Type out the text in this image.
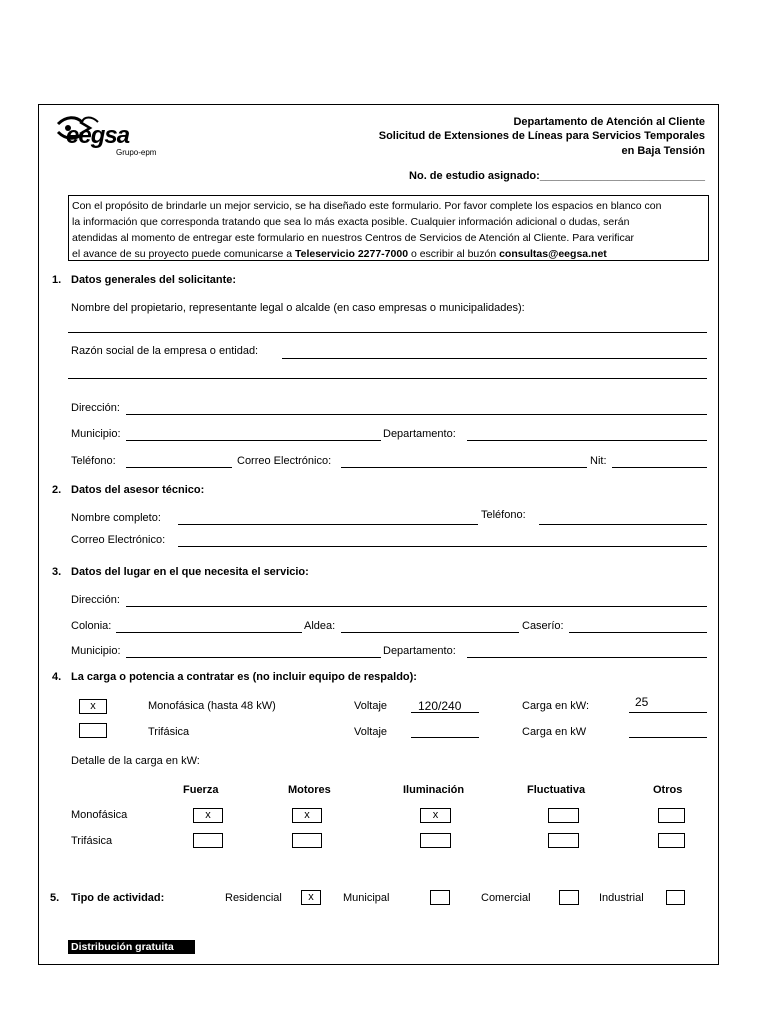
eegsa
Grupo-epm
Departamento de Atención al Cliente
Solicitud de Extensiones de Líneas para Servicios Temporales
en Baja Tensión
No. de estudio asignado:___________________________
Con el propósito de brindarle un mejor servicio, se ha diseñado este formulario. Por favor complete los espacios en blanco con
la información que corresponda tratando que sea lo más exacta posible. Cualquier información adicional o dudas, serán
atendidas al momento de entregar este formulario en nuestros Centros de Servicios de Atención al Cliente. Para verificar
el avance de su proyecto puede comunicarse a Teleservicio 2277-7000 o escribir al buzón consultas@eegsa.net
1. Datos generales del solicitante:
Nombre del propietario, representante legal o alcalde (en caso empresas o municipalidades):
Razón social de la empresa o entidad:
Dirección:
Municipio:	Departamento:
Teléfono:	Correo Electrónico:	Nit:
2. Datos del asesor técnico:
Nombre completo:	Teléfono:
Correo Electrónico:
3. Datos del lugar en el que necesita el servicio:
Dirección:
Colonia:	Aldea:	Caserío:
Municipio:	Departamento:
4. La carga o potencia a contratar es (no incluir equipo de respaldo):
x	Monofásica (hasta 48 kW)	Voltaje	120/240	Carga en kW:	25
Trifásica	Voltaje	Carga en kW
Detalle de la carga en kW:
Fuerza	Motores	Iluminación	Fluctuativa	Otros
Monofásica	x	x	x
Trifásica
5. Tipo de actividad:	Residencial	x	Municipal	Comercial	Industrial
Distribución gratuita
